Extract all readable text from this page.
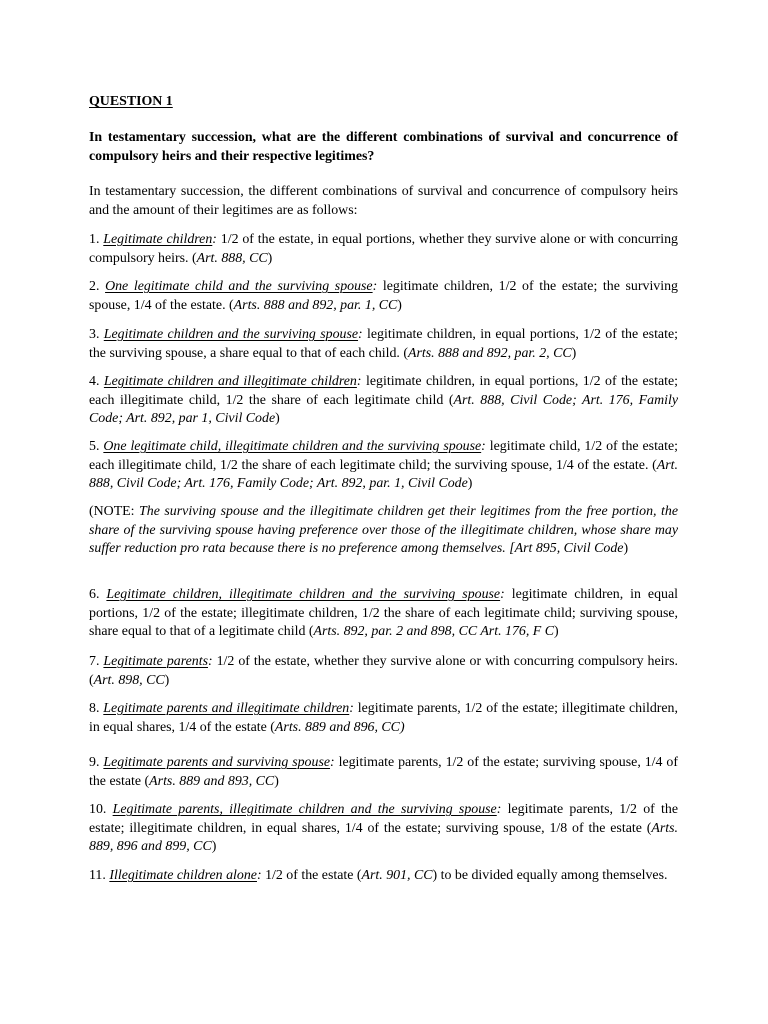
QUESTION 1

In testamentary succession, what are the different combinations of survival and concurrence of compulsory heirs and their respective legitimes?

In testamentary succession, the different combinations of survival and concurrence of compulsory heirs and the amount of their legitimes are as follows:

1. Legitimate children: 1/2 of the estate, in equal portions, whether they survive alone or with concurring compulsory heirs. (Art. 888, CC)

2. One legitimate child and the surviving spouse: legitimate children, 1/2 of the estate; the surviving spouse, 1/4 of the estate. (Arts. 888 and 892, par. 1, CC)

3. Legitimate children and the surviving spouse: legitimate children, in equal portions, 1/2 of the estate; the surviving spouse, a share equal to that of each child. (Arts. 888 and 892, par. 2, CC)

4. Legitimate children and illegitimate children: legitimate children, in equal portions, 1/2 of the estate; each illegitimate child, 1/2 the share of each legitimate child (Art. 888, Civil Code; Art. 176, Family Code; Art. 892, par 1, Civil Code)

5. One legitimate child, illegitimate children and the surviving spouse: legitimate child, 1/2 of the estate; each illegitimate child, 1/2 the share of each legitimate child; the surviving spouse, 1/4 of the estate. (Art. 888, Civil Code; Art. 176, Family Code; Art. 892, par. 1, Civil Code)

(NOTE: The surviving spouse and the illegitimate children get their legitimes from the free portion, the share of the surviving spouse having preference over those of the illegitimate children, whose share may suffer reduction pro rata because there is no preference among themselves. [Art 895, Civil Code)

6. Legitimate children, illegitimate children and the surviving spouse: legitimate children, in equal portions, 1/2 of the estate; illegitimate children, 1/2 the share of each legitimate child; surviving spouse, share equal to that of a legitimate child (Arts. 892, par. 2 and 898, CC Art. 176, F C)

7. Legitimate parents: 1/2 of the estate, whether they survive alone or with concurring compulsory heirs. (Art. 898, CC)

8. Legitimate parents and illegitimate children: legitimate parents, 1/2 of the estate; illegitimate children, in equal shares, 1/4 of the estate (Arts. 889 and 896, CC)

9. Legitimate parents and surviving spouse: legitimate parents, 1/2 of the estate; surviving spouse, 1/4 of the estate (Arts. 889 and 893, CC)

10. Legitimate parents, illegitimate children and the surviving spouse: legitimate parents, 1/2 of the estate; illegitimate children, in equal shares, 1/4 of the estate; surviving spouse, 1/8 of the estate (Arts. 889, 896 and 899, CC)

11. Illegitimate children alone: 1/2 of the estate (Art. 901, CC) to be divided equally among themselves.
